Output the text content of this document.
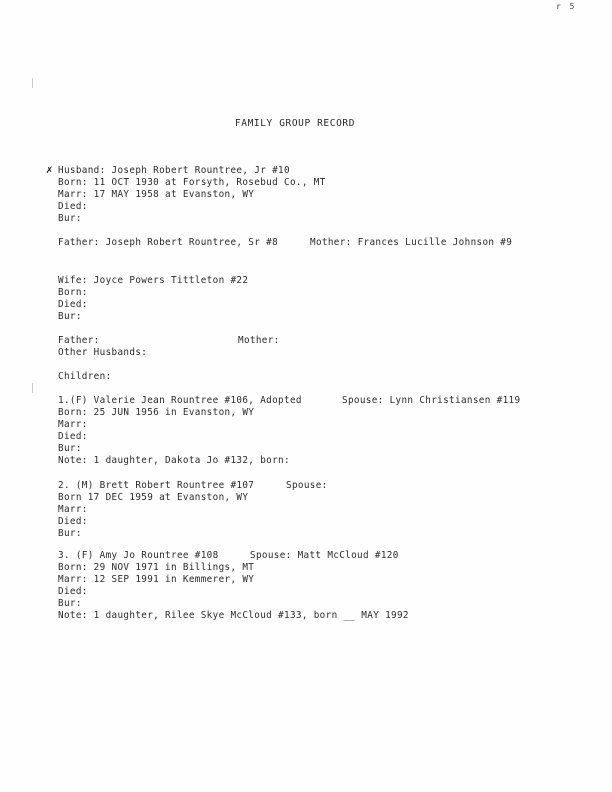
r 5
FAMILY GROUP RECORD
✗ Husband: Joseph Robert Rountree, Jr #10
Born: 11 OCT 1930 at Forsyth, Rosebud Co., MT
Marr: 17 MAY 1958 at Evanston, WY
Died:
Bur:
Father: Joseph Robert Rountree, Sr #8	Mother: Frances Lucille Johnson #9
Wife: Joyce Powers Tittleton #22
Born:
Died:
Bur:
Father:	Mother:
Other Husbands:
Children:
1.(F) Valerie Jean Rountree #106, Adopted	Spouse: Lynn Christiansen #119
Born: 25 JUN 1956 in Evanston, WY
Marr:
Died:
Bur:
Note: 1 daughter, Dakota Jo #132, born:
2. (M) Brett Robert Rountree #107	Spouse:
Born 17 DEC 1959 at Evanston, WY
Marr:
Died:
Bur:
3. (F) Amy Jo Rountree #108	Spouse: Matt McCloud #120
Born: 29 NOV 1971 in Billings, MT
Marr: 12 SEP 1991 in Kemmerer, WY
Died:
Bur:
Note: 1 daughter, Rilee Skye McCloud #133, born __ MAY 1992
